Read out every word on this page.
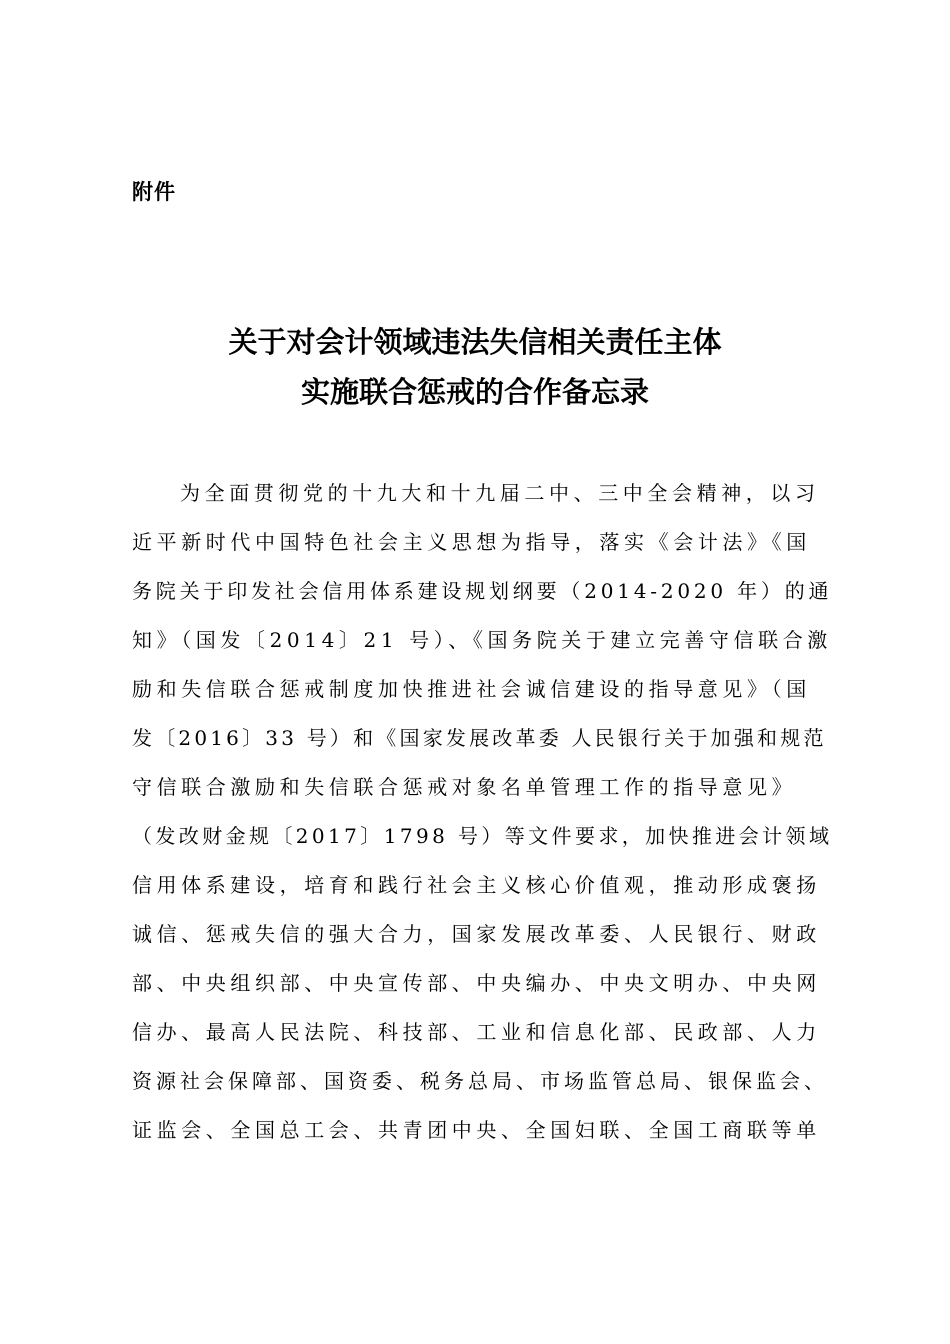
附件
关于对会计领域违法失信相关责任主体
实施联合惩戒的合作备忘录
为全面贯彻党的十九大和十九届二中、三中全会精神，以习
近平新时代中国特色社会主义思想为指导，落实《会计法》《国
务院关于印发社会信用体系建设规划纲要（2014-2020 年）的通
知》（国发〔2014〕21 号）、《国务院关于建立完善守信联合激
励和失信联合惩戒制度加快推进社会诚信建设的指导意见》（国
发〔2016〕33 号）和《国家发展改革委 人民银行关于加强和规范
守信联合激励和失信联合惩戒对象名单管理工作的指导意见》
（发改财金规〔2017〕1798 号）等文件要求，加快推进会计领域
信用体系建设，培育和践行社会主义核心价值观，推动形成褒扬
诚信、惩戒失信的强大合力，国家发展改革委、人民银行、财政
部、中央组织部、中央宣传部、中央编办、中央文明办、中央网
信办、最高人民法院、科技部、工业和信息化部、民政部、人力
资源社会保障部、国资委、税务总局、市场监管总局、银保监会、
证监会、全国总工会、共青团中央、全国妇联、全国工商联等单
